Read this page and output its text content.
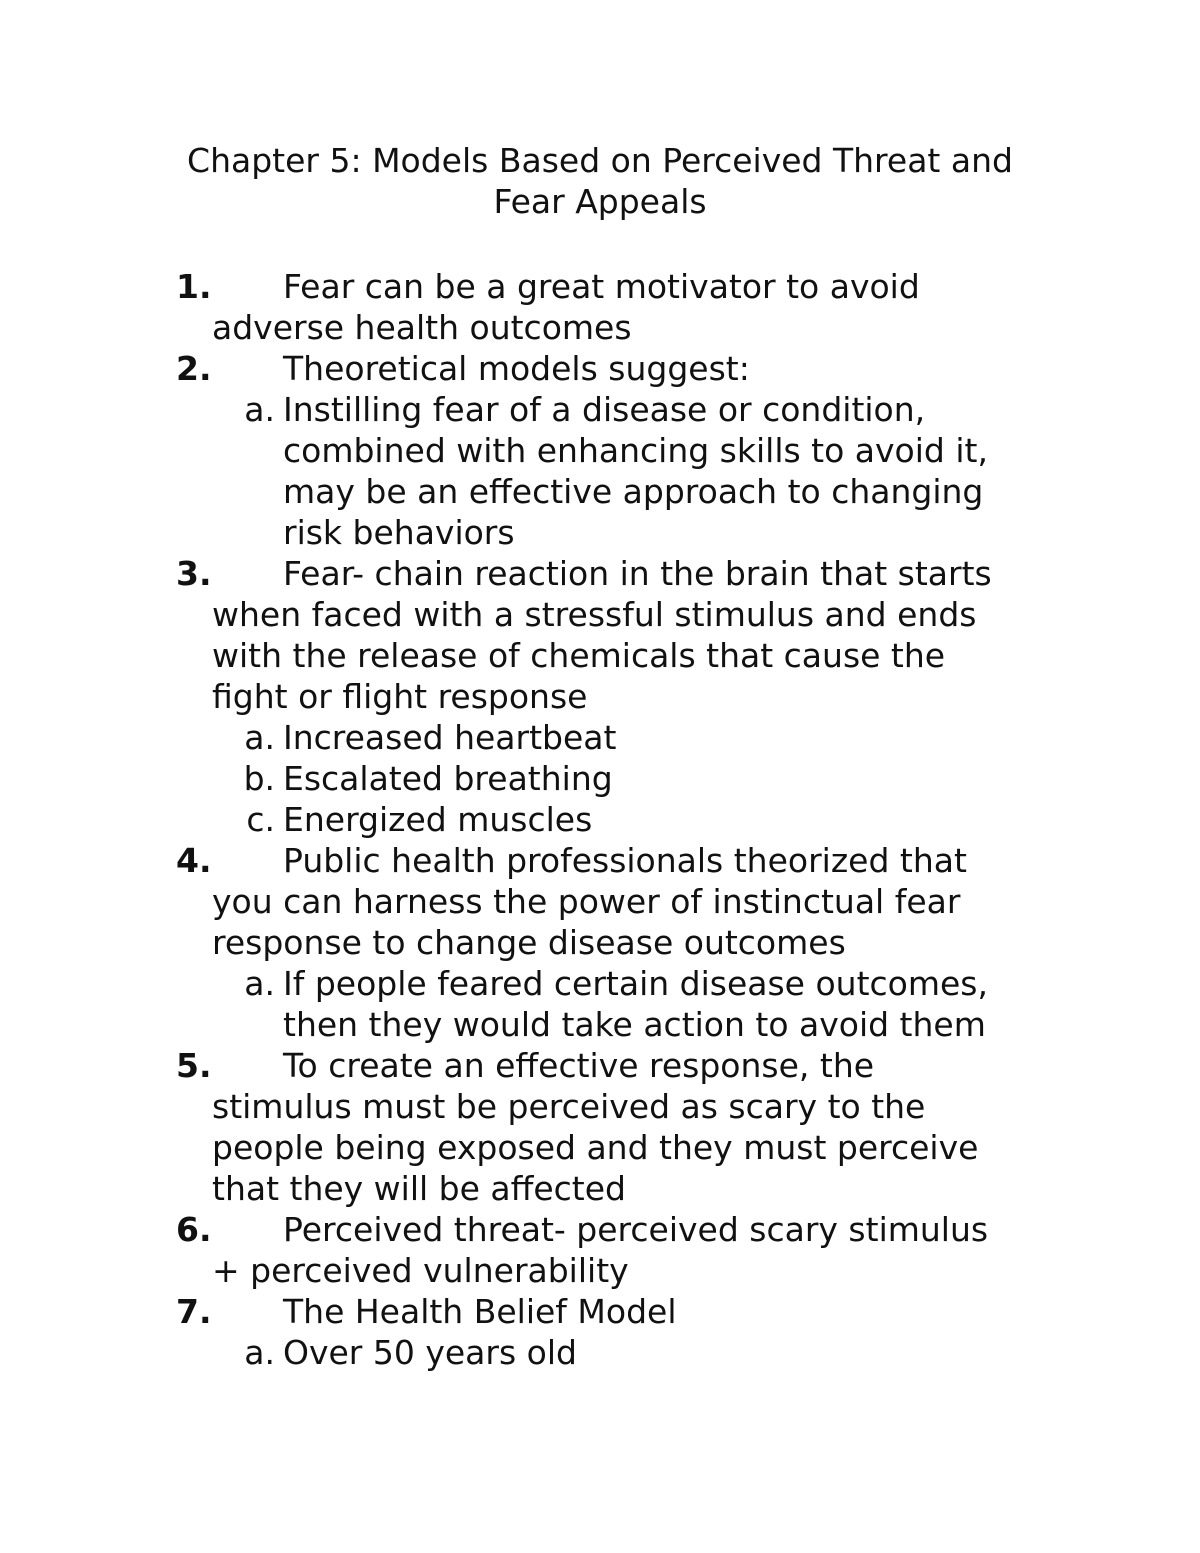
Chapter 5: Models Based on Perceived Threat and
Fear Appeals
1. Fear can be a great motivator to avoid
adverse health outcomes
2. Theoretical models suggest:
a. Instilling fear of a disease or condition,
combined with enhancing skills to avoid it,
may be an effective approach to changing
risk behaviors
3. Fear- chain reaction in the brain that starts
when faced with a stressful stimulus and ends
with the release of chemicals that cause the
fight or flight response
a. Increased heartbeat
b. Escalated breathing
c. Energized muscles
4. Public health professionals theorized that
you can harness the power of instinctual fear
response to change disease outcomes
a. If people feared certain disease outcomes,
then they would take action to avoid them
5. To create an effective response, the
stimulus must be perceived as scary to the
people being exposed and they must perceive
that they will be affected
6. Perceived threat- perceived scary stimulus
+ perceived vulnerability
7. The Health Belief Model
a. Over 50 years old
